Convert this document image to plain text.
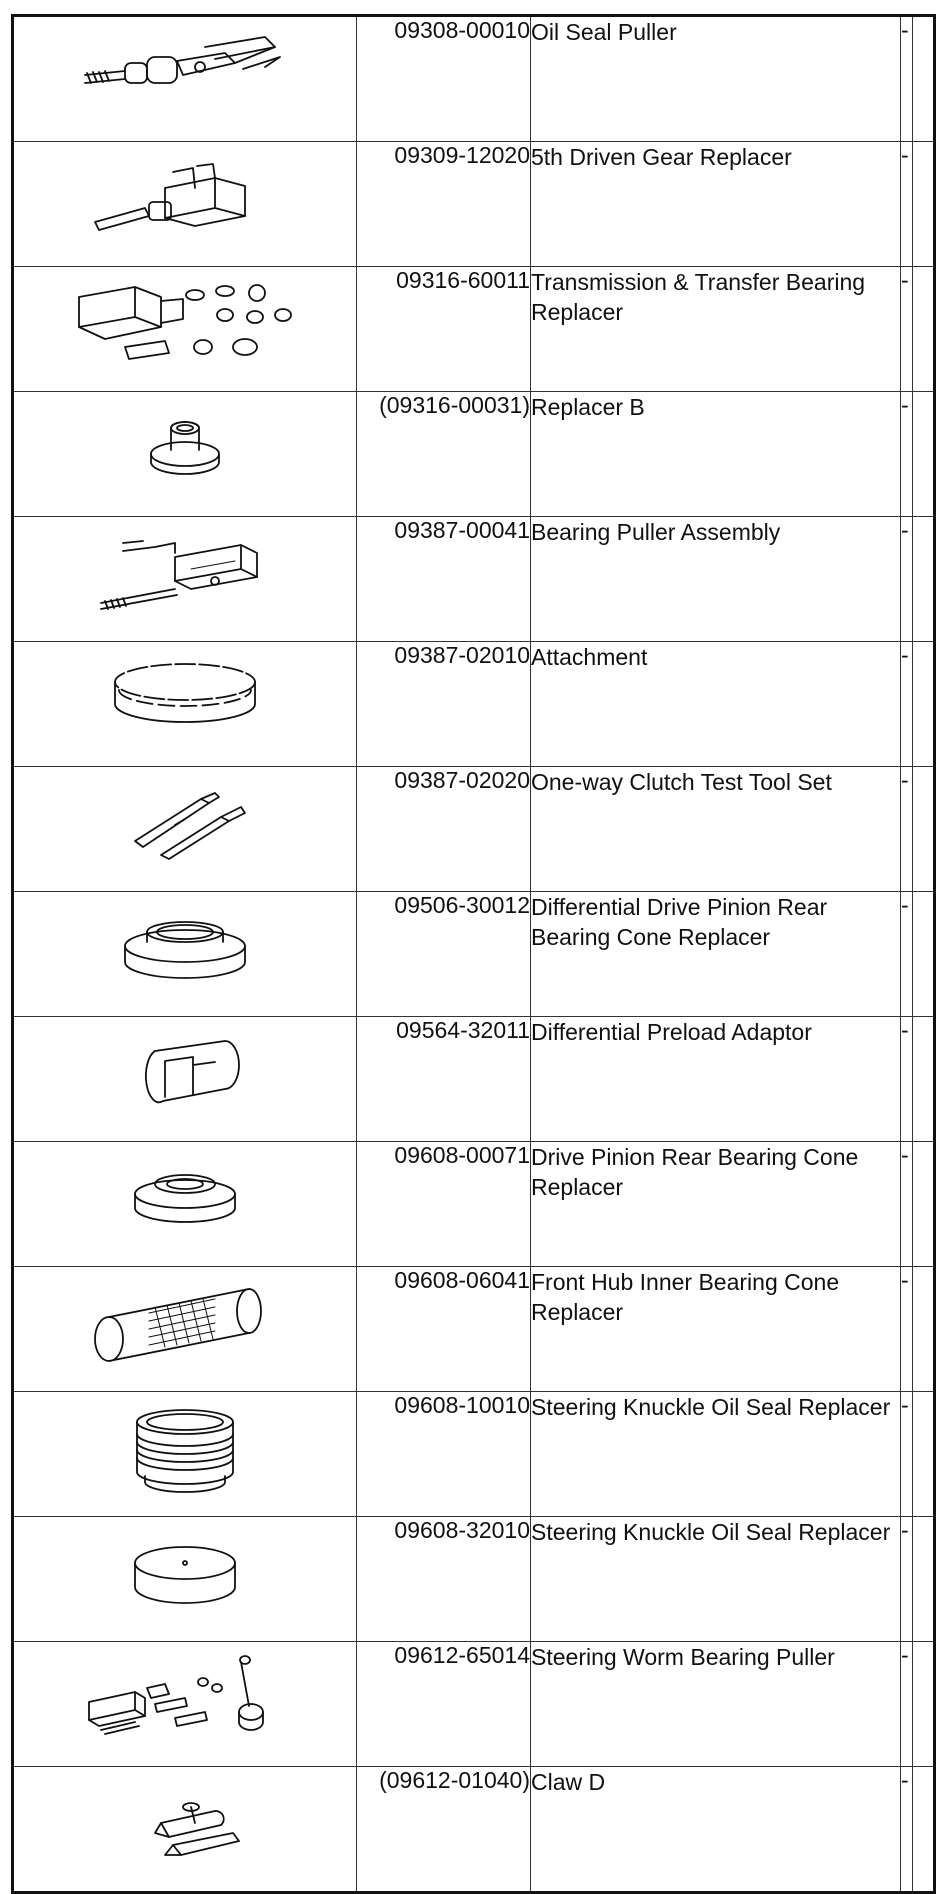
	09308-00010	Oil Seal Puller	-	

	09309-12020	5th Driven Gear Replacer	-	

	09316-60011	Transmission & Transfer Bearing Replacer	-	

	(09316-00031)	Replacer B	-	

	09387-00041	Bearing Puller Assembly	-	

	09387-02010	Attachment	-	

	09387-02020	One-way Clutch Test Tool Set	-	

	09506-30012	Differential Drive Pinion Rear Bearing Cone Replacer	-	

	09564-32011	Differential Preload Adaptor	-	

	09608-00071	Drive Pinion Rear Bearing Cone Replacer	-	

	09608-06041	Front Hub Inner Bearing Cone Replacer	-	

	09608-10010	Steering Knuckle Oil Seal Replacer	-	

	09608-32010	Steering Knuckle Oil Seal Replacer	-	

	09612-65014	Steering Worm Bearing Puller	-	

	(09612-01040)	Claw D	-	
